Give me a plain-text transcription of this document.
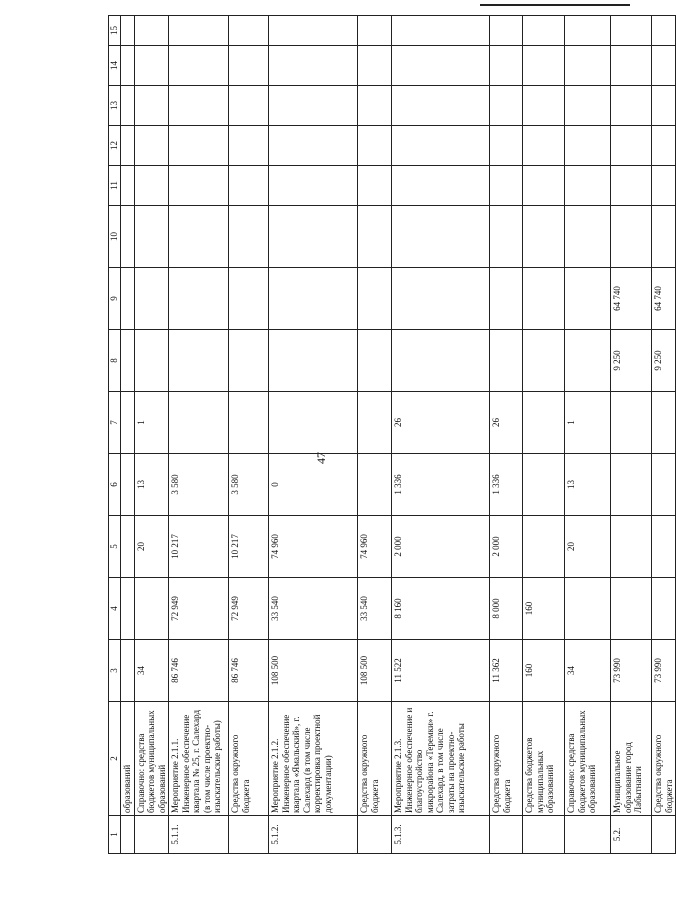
47
1	2	3	4	5	6	7	8	9	10	11	12	13	14	15
	образований													
	Справочно: средства бюджетов муниципальных образований	34		20	13	1								
5.1.1.	Мероприятие 2.1.1. Инженерное обеспечение квартала № 25, г. Салехард (в том числе проектно-изыскательские работы)	86 746	72 949	10 217	3 580									
	Средства окружного бюджета	86 746	72 949	10 217	3 580									
5.1.2.	Мероприятие 2.1.2. Инженерное обеспечение квартала «Ямальский», г. Салехард (в том числе корректировка проектной документации)	108 500	33 540	74 960	0									
	Средства окружного бюджета	108 500	33 540	74 960										
5.1.3.	Мероприятие 2.1.3. Инженерное обеспечение и благоустройство микрорайона «Теремки» г. Салехард, в том числе затраты на проектно-изыскательские работы	11 522	8 160	2 000	1 336	26								
	Средства окружного бюджета	11 362	8 000	2 000	1 336	26								
	Средства бюджетов муниципальных образований	160	160											
	Справочно: средства бюджетов муниципальных образований	34		20	13	1								
5.2.	Муниципальное образование город Лабытнанги	73 990					9 250	64 740						
	Средства окружного бюджета	73 990					9 250	64 740						
